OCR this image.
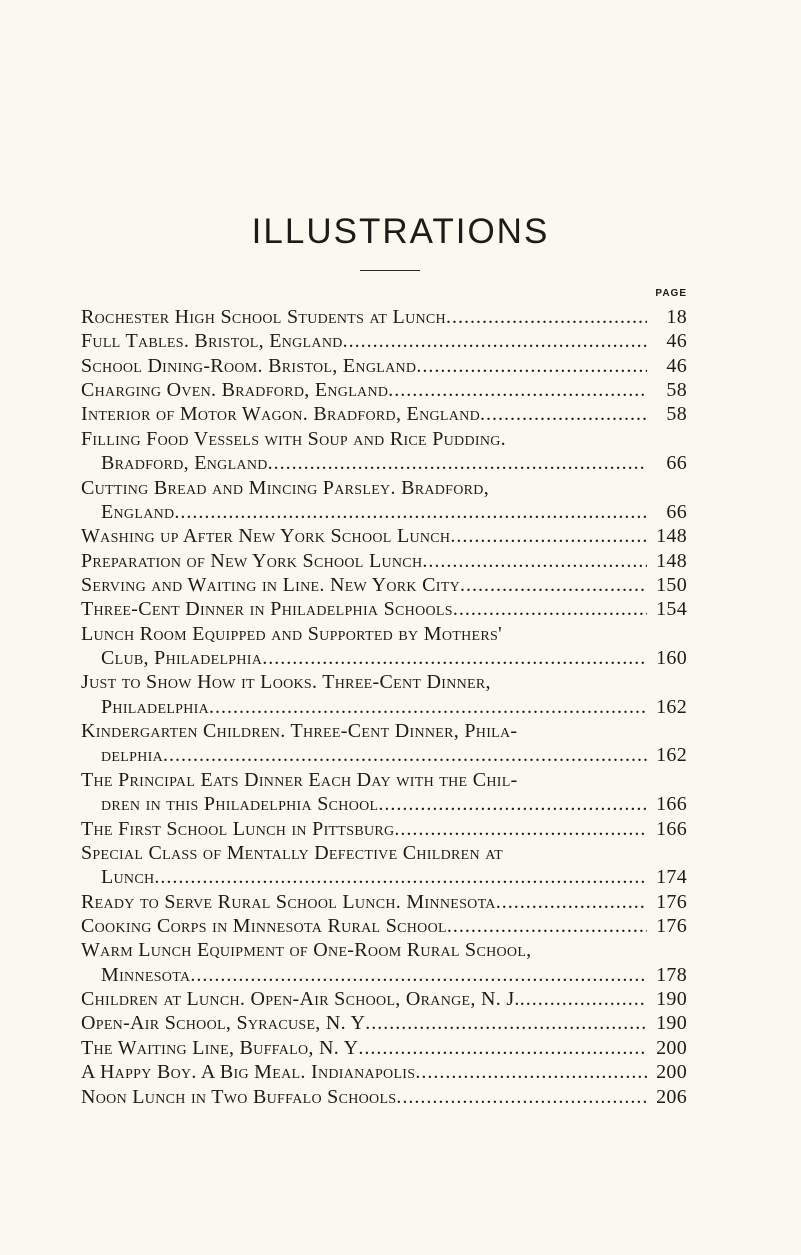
ILLUSTRATIONS
PAGE
Rochester High School Students at Lunch .....	18
Full Tables. Bristol, England .....	46
School Dining-Room. Bristol, England .....	46
Charging Oven. Bradford, England .....	58
Interior of Motor Wagon. Bradford, England .....	58
Filling Food Vessels with Soup and Rice Pudding.
Bradford, England .....	66
Cutting Bread and Mincing Parsley. Bradford,
England .....	66
Washing up After New York School Lunch .....	148
Preparation of New York School Lunch .....	148
Serving and Waiting in Line. New York City .....	150
Three-Cent Dinner in Philadelphia Schools .....	154
Lunch Room Equipped and Supported by Mothers'
Club, Philadelphia .....	160
Just to Show How it Looks. Three-Cent Dinner,
Philadelphia .....	162
Kindergarten Children. Three-Cent Dinner, Phila-
delphia .....	162
The Principal Eats Dinner Each Day with the Chil-
dren in this Philadelphia School .....	166
The First School Lunch in Pittsburg .....	166
Special Class of Mentally Defective Children at
Lunch .....	174
Ready to Serve Rural School Lunch. Minnesota .....	176
Cooking Corps in Minnesota Rural School .....	176
Warm Lunch Equipment of One-Room Rural School,
Minnesota .....	178
Children at Lunch. Open-Air School, Orange, N. J. .....	190
Open-Air School, Syracuse, N. Y .....	190
The Waiting Line, Buffalo, N. Y .....	200
A Happy Boy. A Big Meal. Indianapolis .....	200
Noon Lunch in Two Buffalo Schools .....	206
